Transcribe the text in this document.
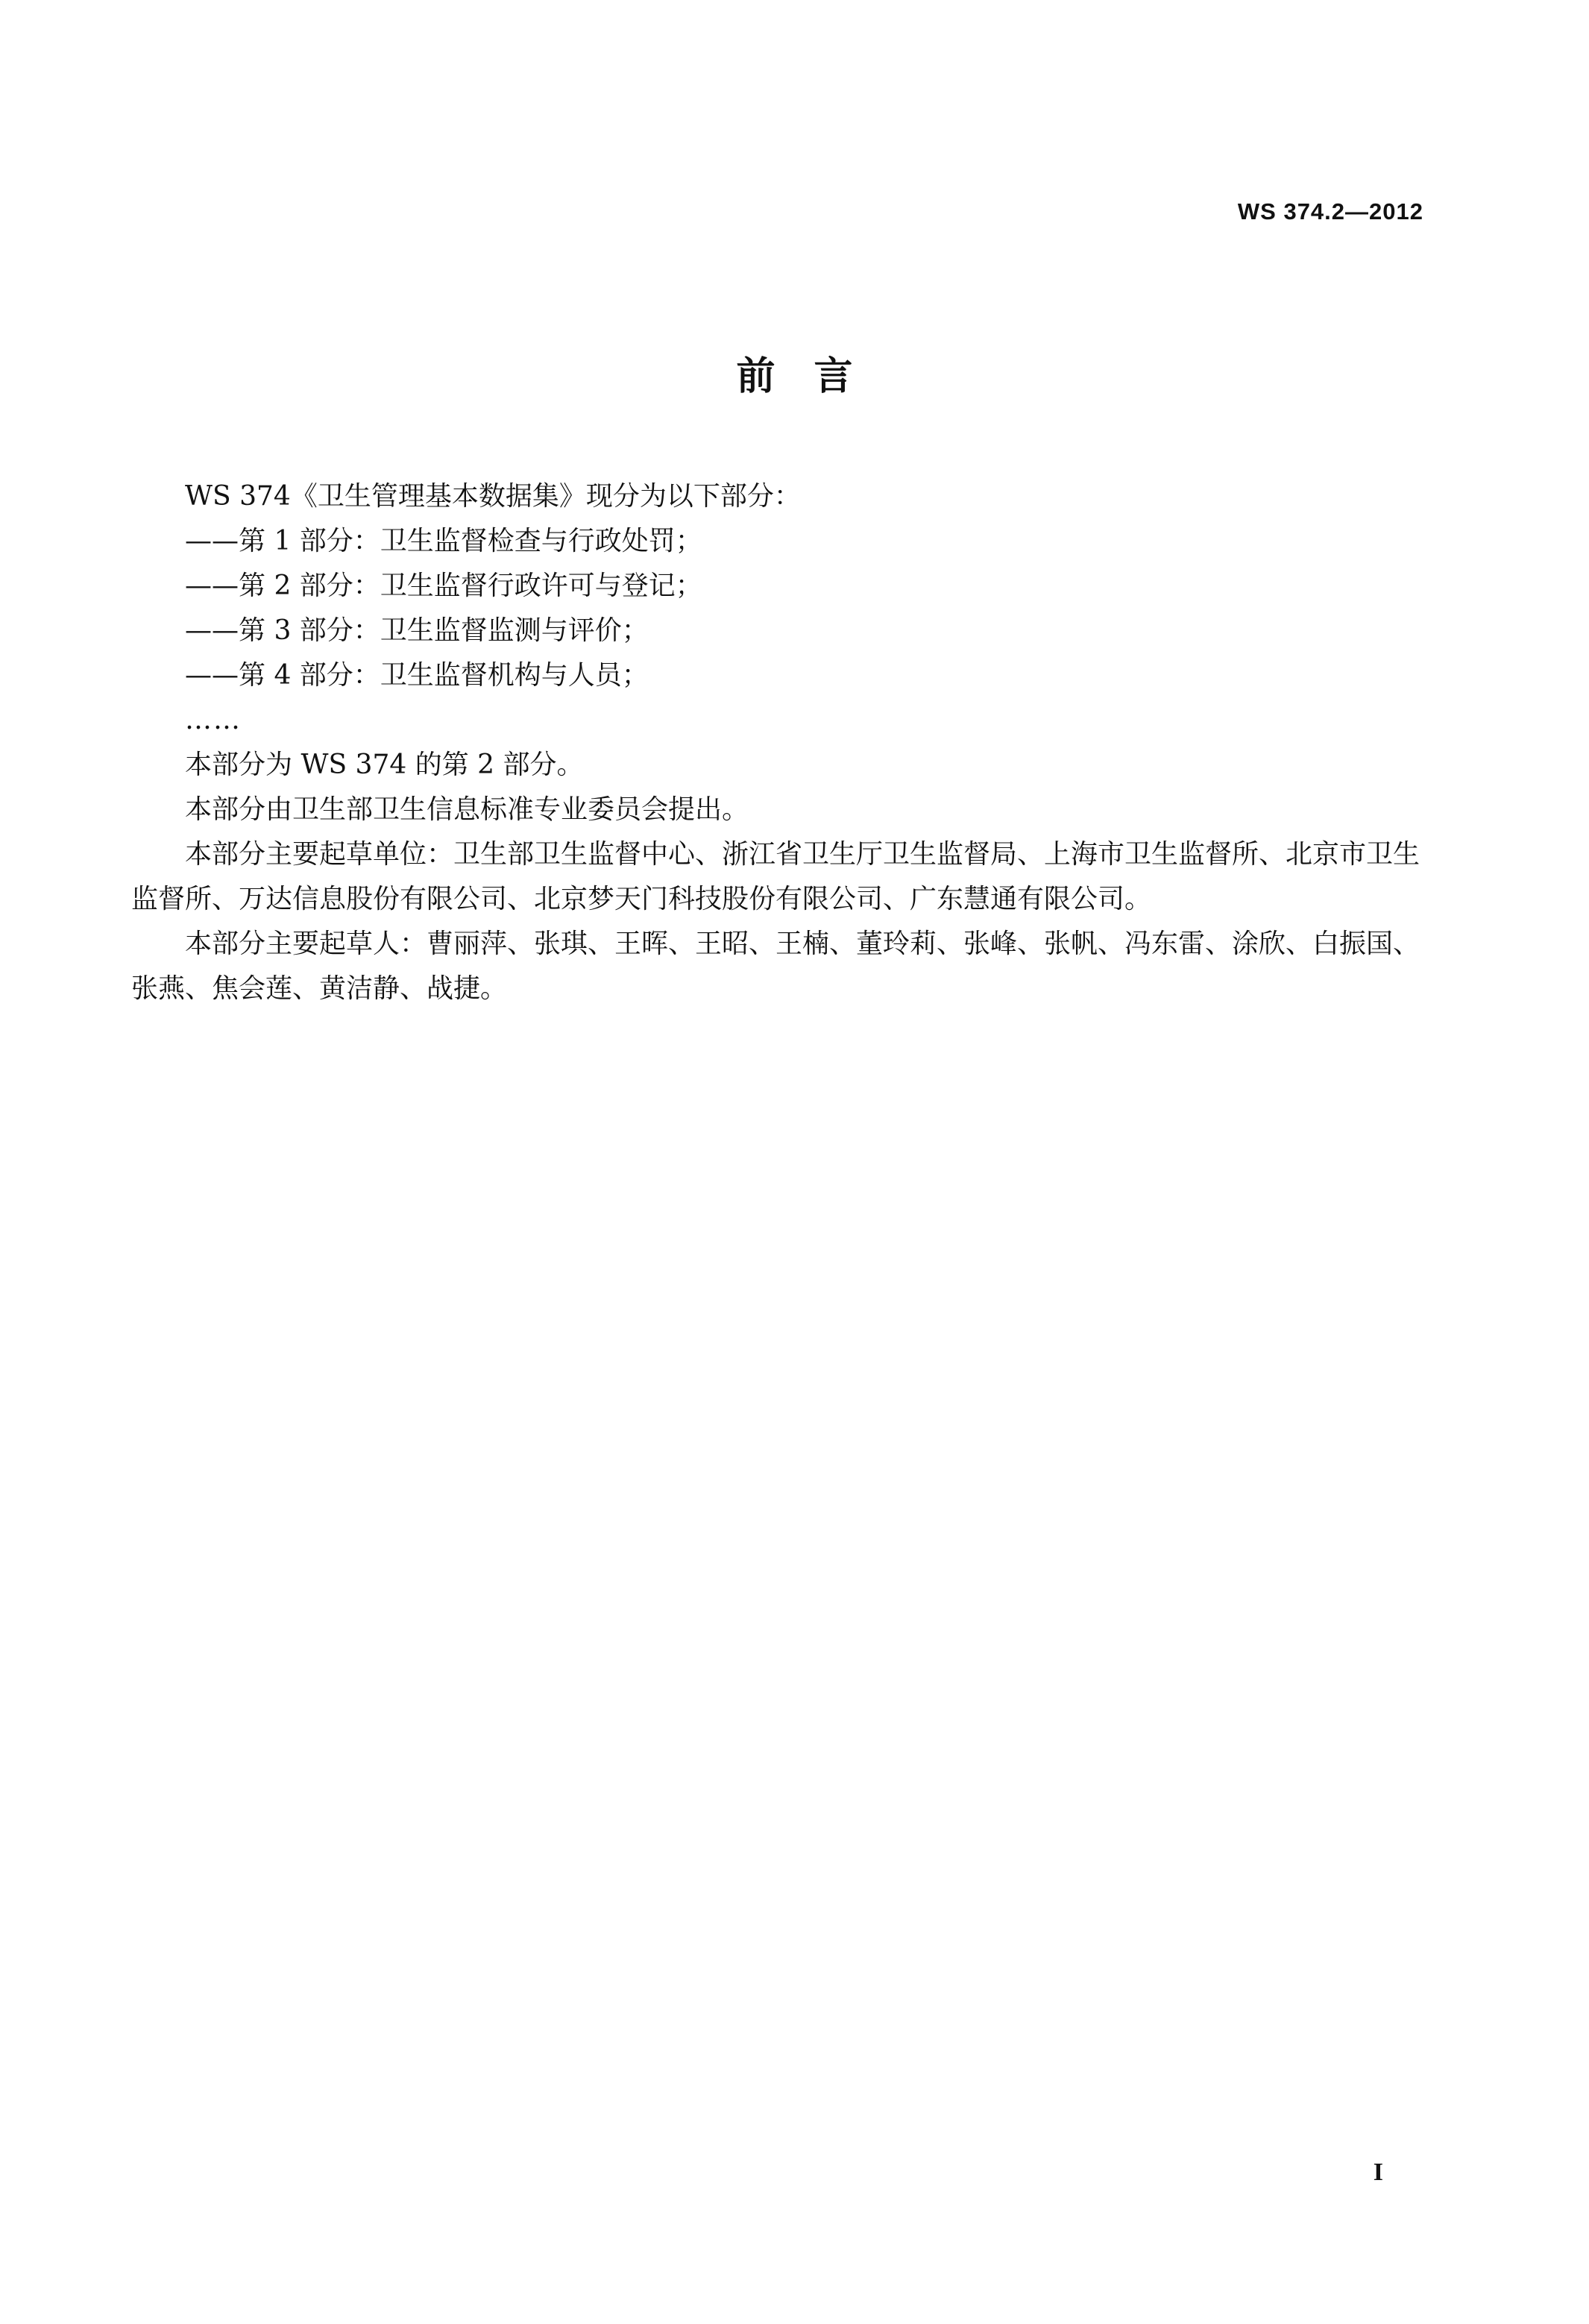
WS 374.2—2012
前　言

WS 374《卫生管理基本数据集》现分为以下部分：

——第 1 部分：卫生监督检查与行政处罚；

——第 2 部分：卫生监督行政许可与登记；

——第 3 部分：卫生监督监测与评价；

——第 4 部分：卫生监督机构与人员；

……

本部分为 WS 374 的第 2 部分。

本部分由卫生部卫生信息标准专业委员会提出。

本部分主要起草单位：卫生部卫生监督中心、浙江省卫生厅卫生监督局、上海市卫生监督所、北京市卫生监督所、万达信息股份有限公司、北京梦天门科技股份有限公司、广东慧通有限公司。

本部分主要起草人：曹丽萍、张琪、王晖、王昭、王楠、董玲莉、张峰、张帆、冯东雷、涂欣、白振国、张燕、焦会莲、黄洁静、战捷。

I
